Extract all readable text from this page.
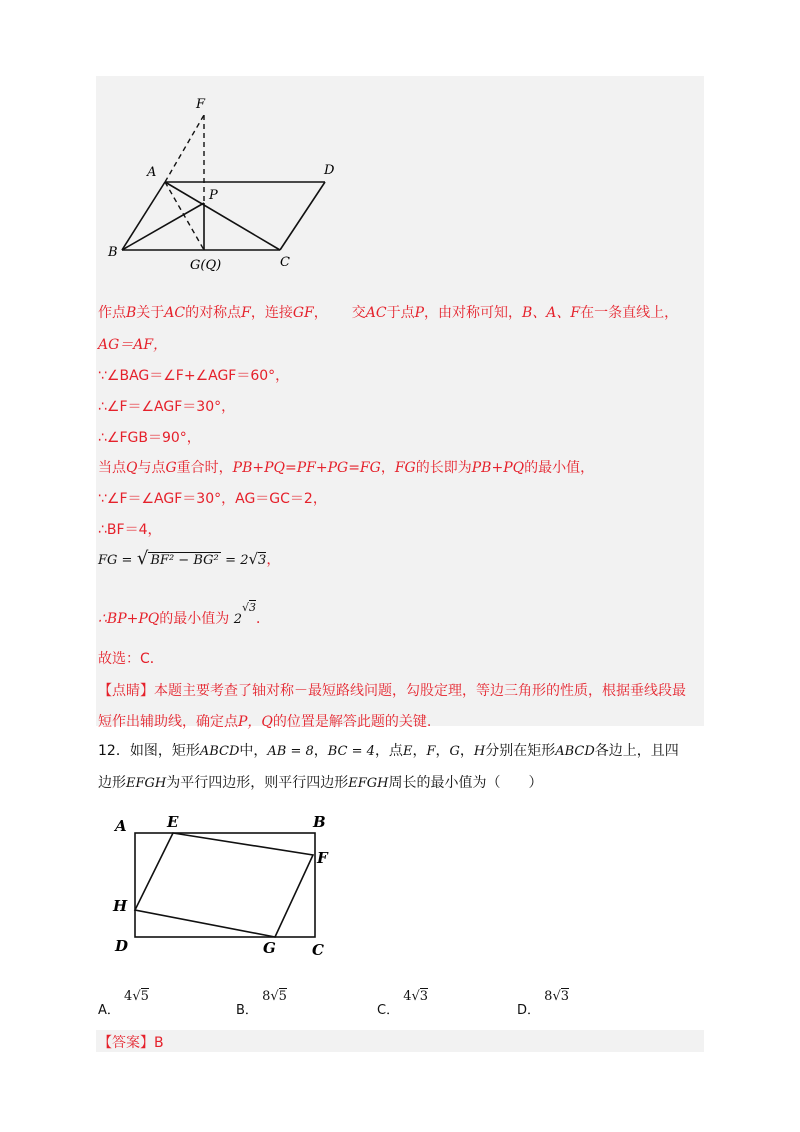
F
A	D
P
B
G(Q)	C
作点B关于AC的对称点F，连接GF， 交AC于点P，由对称可知，B、A、F在一条直线上，
AG＝AF，
∵∠BAG＝∠F+∠AGF＝60°，
∴∠F＝∠AGF＝30°，
∴∠FGB＝90°，
当点Q与点G重合时，PB+PQ=PF+PG=FG，FG的长即为PB+PQ的最小值，
∵∠F＝∠AGF＝30°，AG＝GC＝2，
∴BF＝4，
FG = √ BF² − BG² = 2√3，
∴BP+PQ的最小值为 $2^{√3}$．
故选：C．
【点睛】本题主要考查了轴对称－最短路线问题，勾股定理，等边三角形的性质，根据垂线段最
短作出辅助线，确定点P，Q的位置是解答此题的关键.
12．如图，矩形ABCD中，AB = 8，BC = 4，点E，F，G，H分别在矩形ABCD各边上，且四
边形EFGH为平行四边形，则平行四边形EFGH周长的最小值为（　　）
A	E	B
F
H
D	G C
A． 4√5
B． 8√5
C． 4√3
D． 8√3
【答案】B
